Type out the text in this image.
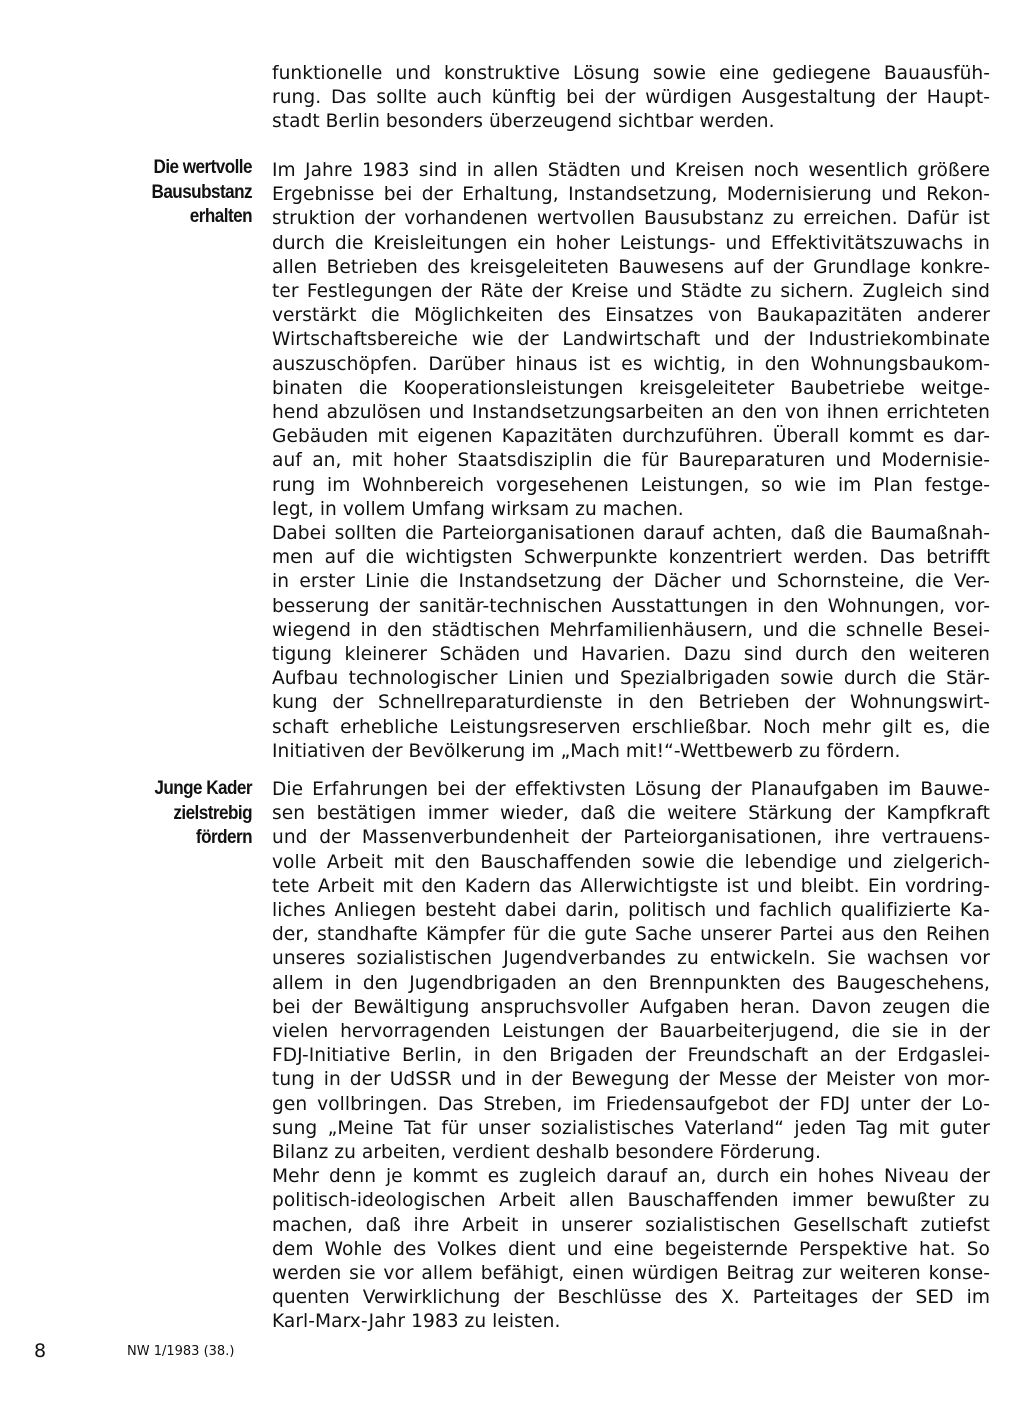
funktionelle und konstruktive Lösung sowie eine gediegene Bauausfüh-
rung. Das sollte auch künftig bei der würdigen Ausgestaltung der Haupt-
stadt Berlin besonders überzeugend sichtbar werden.
Die wertvolle
Bausubstanz
erhalten
Im Jahre 1983 sind in allen Städten und Kreisen noch wesentlich größere
Ergebnisse bei der Erhaltung, Instandsetzung, Modernisierung und Rekon-
struktion der vorhandenen wertvollen Bausubstanz zu erreichen. Dafür ist
durch die Kreisleitungen ein hoher Leistungs- und Effektivitätszuwachs in
allen Betrieben des kreisgeleiteten Bauwesens auf der Grundlage konkre-
ter Festlegungen der Räte der Kreise und Städte zu sichern. Zugleich sind
verstärkt die Möglichkeiten des Einsatzes von Baukapazitäten anderer
Wirtschaftsbereiche wie der Landwirtschaft und der Industriekombinate
auszuschöpfen. Darüber hinaus ist es wichtig, in den Wohnungsbaukom-
binaten die Kooperationsleistungen kreisgeleiteter Baubetriebe weitge-
hend abzulösen und Instandsetzungsarbeiten an den von ihnen errichteten
Gebäuden mit eigenen Kapazitäten durchzuführen. Überall kommt es dar-
auf an, mit hoher Staatsdisziplin die für Baureparaturen und Modernisie-
rung im Wohnbereich vorgesehenen Leistungen, so wie im Plan festge-
legt, in vollem Umfang wirksam zu machen.
Dabei sollten die Parteiorganisationen darauf achten, daß die Baumaßnah-
men auf die wichtigsten Schwerpunkte konzentriert werden. Das betrifft
in erster Linie die Instandsetzung der Dächer und Schornsteine, die Ver-
besserung der sanitär-technischen Ausstattungen in den Wohnungen, vor-
wiegend in den städtischen Mehrfamilienhäusern, und die schnelle Besei-
tigung kleinerer Schäden und Havarien. Dazu sind durch den weiteren
Aufbau technologischer Linien und Spezialbrigaden sowie durch die Stär-
kung der Schnellreparaturdienste in den Betrieben der Wohnungswirt-
schaft erhebliche Leistungsreserven erschließbar. Noch mehr gilt es, die
Initiativen der Bevölkerung im „Mach mit!“-Wettbewerb zu fördern.
Junge Kader
zielstrebig
fördern
Die Erfahrungen bei der effektivsten Lösung der Planaufgaben im Bauwe-
sen bestätigen immer wieder, daß die weitere Stärkung der Kampfkraft
und der Massenverbundenheit der Parteiorganisationen, ihre vertrauens-
volle Arbeit mit den Bauschaffenden sowie die lebendige und zielgerich-
tete Arbeit mit den Kadern das Allerwichtigste ist und bleibt. Ein vordring-
liches Anliegen besteht dabei darin, politisch und fachlich qualifizierte Ka-
der, standhafte Kämpfer für die gute Sache unserer Partei aus den Reihen
unseres sozialistischen Jugendverbandes zu entwickeln. Sie wachsen vor
allem in den Jugendbrigaden an den Brennpunkten des Baugeschehens,
bei der Bewältigung anspruchsvoller Aufgaben heran. Davon zeugen die
vielen hervorragenden Leistungen der Bauarbeiterjugend, die sie in der
FDJ-Initiative Berlin, in den Brigaden der Freundschaft an der Erdgaslei-
tung in der UdSSR und in der Bewegung der Messe der Meister von mor-
gen vollbringen. Das Streben, im Friedensaufgebot der FDJ unter der Lo-
sung „Meine Tat für unser sozialistisches Vaterland“ jeden Tag mit guter
Bilanz zu arbeiten, verdient deshalb besondere Förderung.
Mehr denn je kommt es zugleich darauf an, durch ein hohes Niveau der
politisch-ideologischen Arbeit allen Bauschaffenden immer bewußter zu
machen, daß ihre Arbeit in unserer sozialistischen Gesellschaft zutiefst
dem Wohle des Volkes dient und eine begeisternde Perspektive hat. So
werden sie vor allem befähigt, einen würdigen Beitrag zur weiteren konse-
quenten Verwirklichung der Beschlüsse des X. Parteitages der SED im
Karl-Marx-Jahr 1983 zu leisten.
8	NW 1/1983 (38.)
